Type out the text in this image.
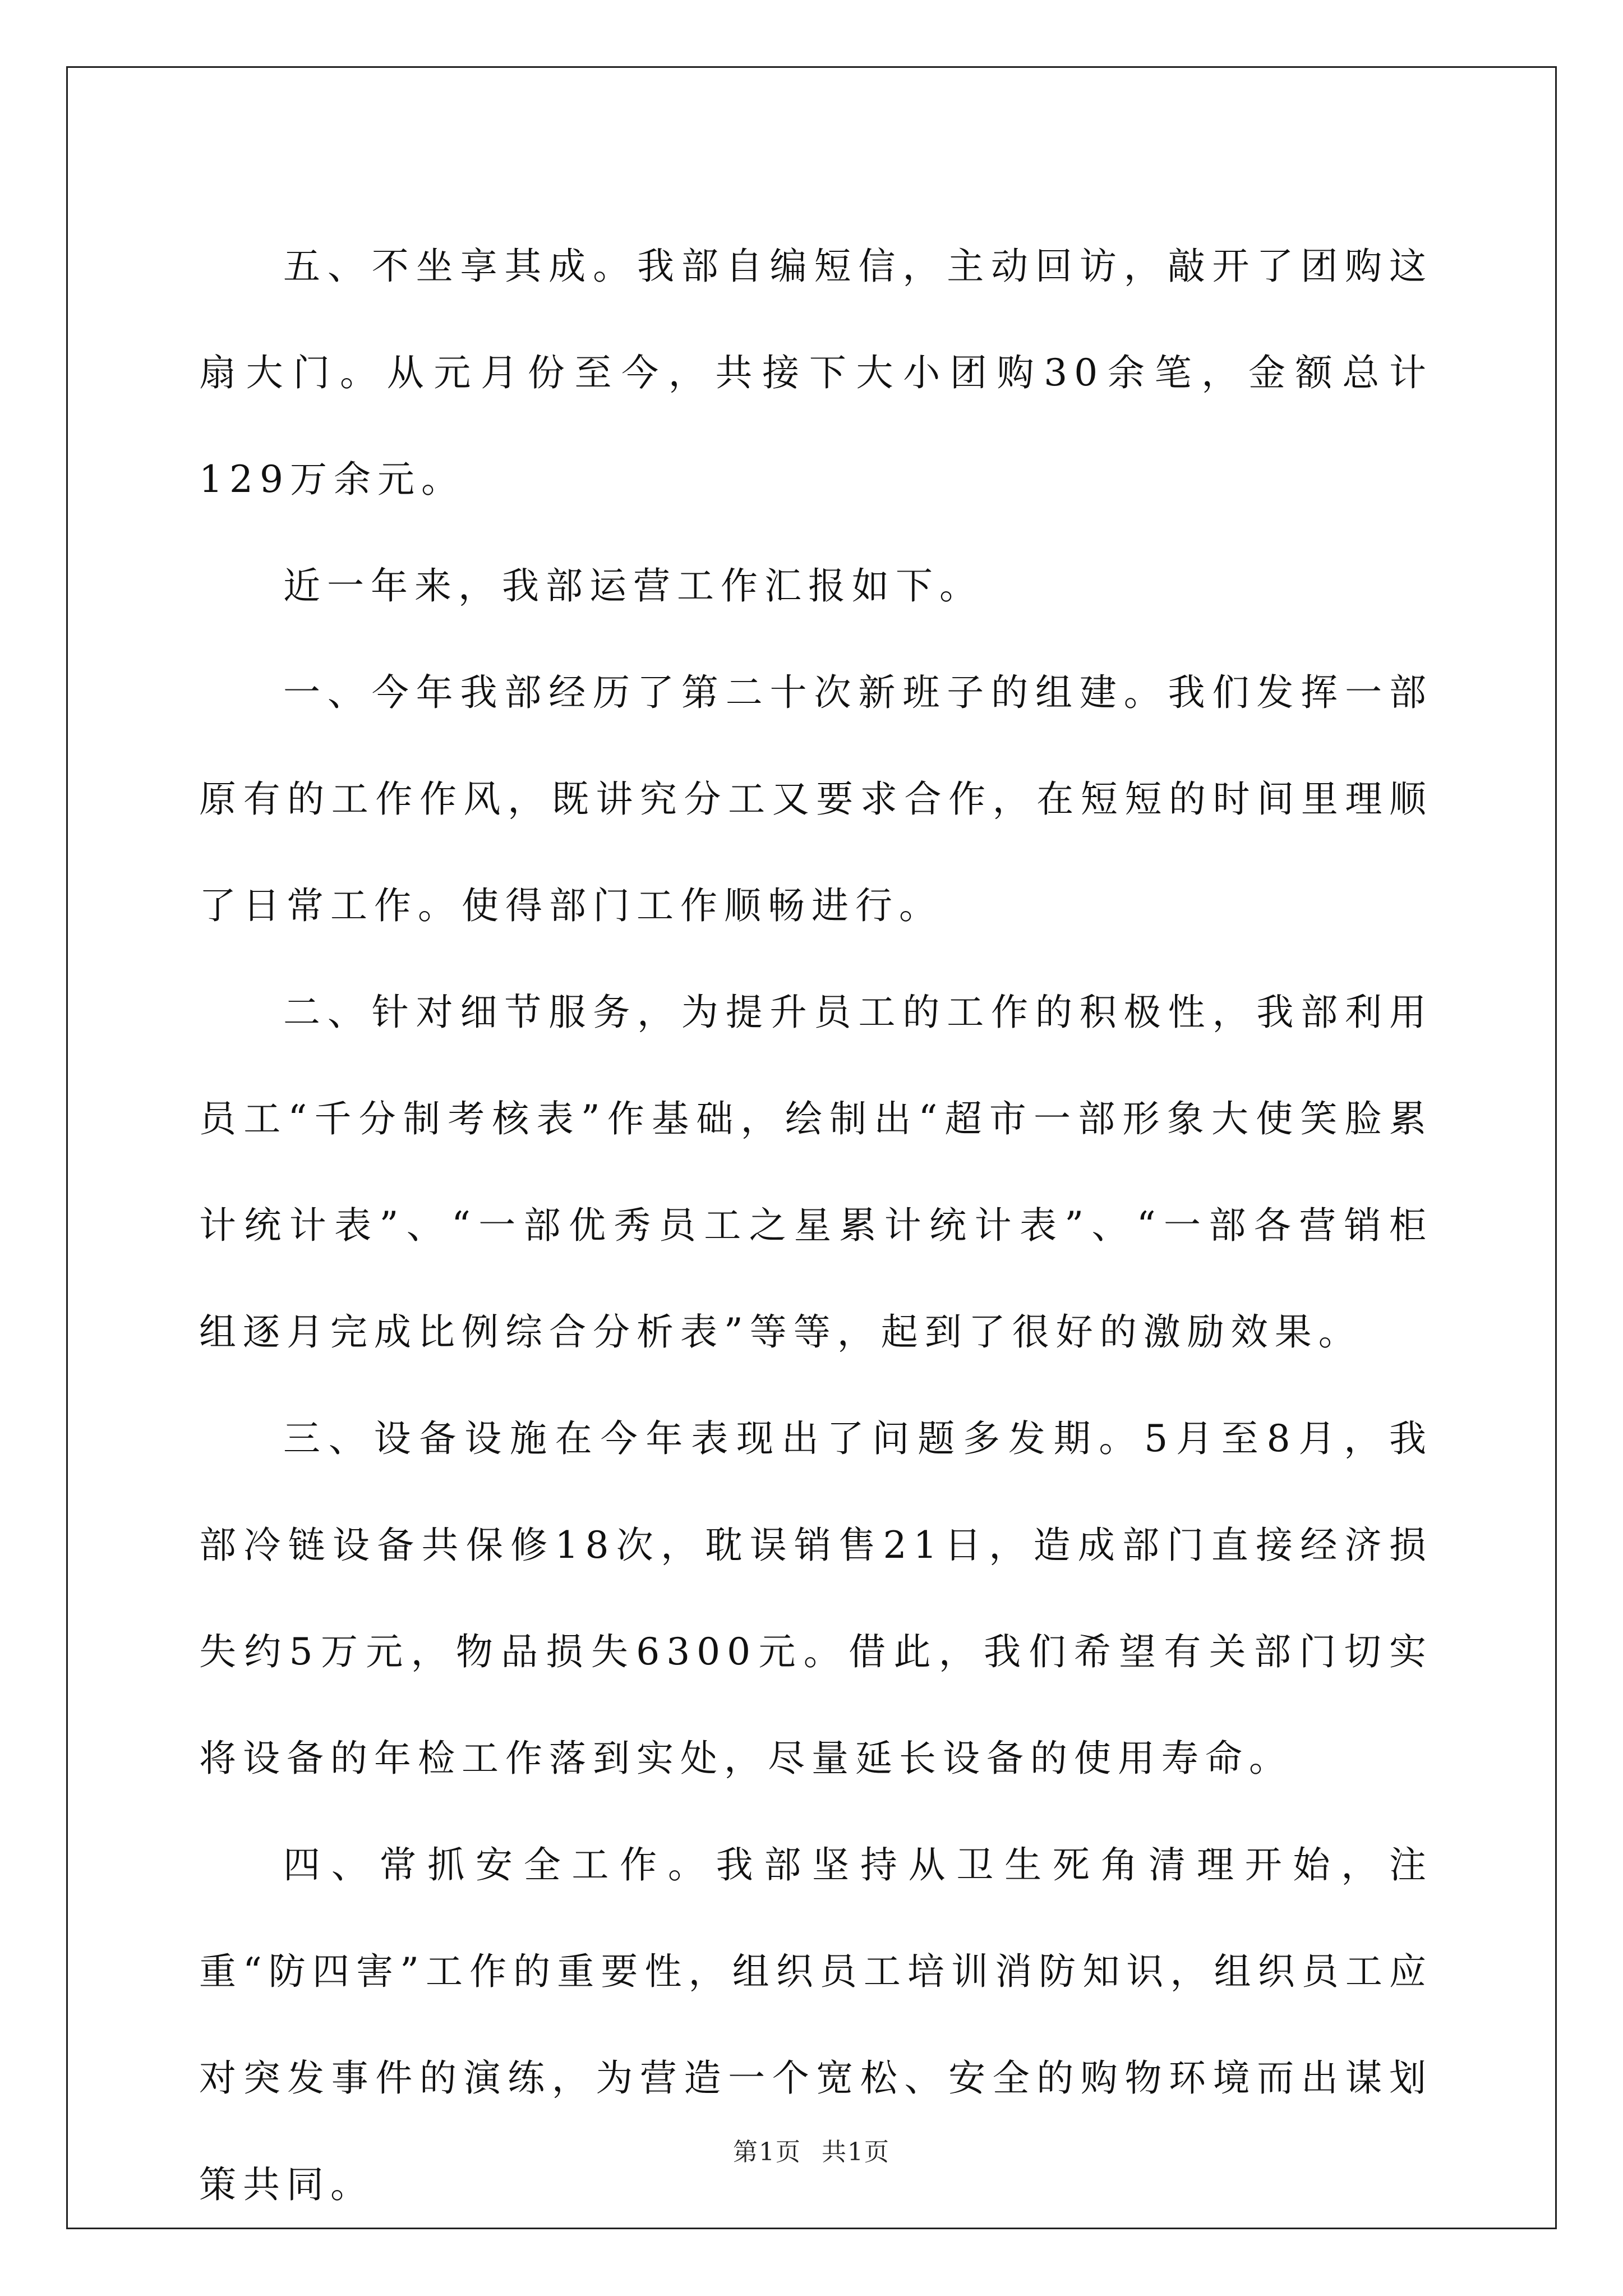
五、不坐享其成。我部自编短信，主动回访，敲开了团购这扇大门。从元月份至今，共接下大小团购30余笔，金额总计129万余元。

近一年来，我部运营工作汇报如下。

一、今年我部经历了第二十次新班子的组建。我们发挥一部原有的工作作风，既讲究分工又要求合作，在短短的时间里理顺了日常工作。使得部门工作顺畅进行。

二、针对细节服务，为提升员工的工作的积极性，我部利用员工“千分制考核表”作基础，绘制出“超市一部形象大使笑脸累计统计表”、“一部优秀员工之星累计统计表”、“一部各营销柜组逐月完成比例综合分析表”等等，起到了很好的激励效果。

三、设备设施在今年表现出了问题多发期。5月至8月，我部冷链设备共保修18次，耽误销售21日，造成部门直接经济损失约5万元，物品损失6300元。借此，我们希望有关部门切实将设备的年检工作落到实处，尽量延长设备的使用寿命。

四、常抓安全工作。我部坚持从卫生死角清理开始，注重“防四害”工作的重要性，组织员工培训消防知识，组织员工应对突发事件的演练，为营造一个宽松、安全的购物环境而出谋划策共同。

第1页 共1页
